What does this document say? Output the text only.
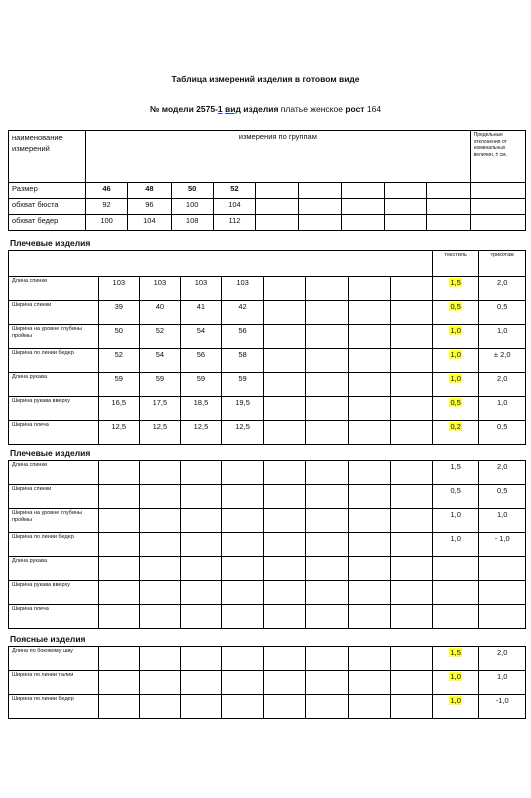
Таблица измерений изделия в готовом виде
№ модели 2575-1 вид изделия платье женское рост 164
наименование измерений	измерения по группам									Предельные отклонения от номинальных величин, ± см.
Размер	46	48	50	52						
обхват бюста	92	96	100	104						
обхват бедер	100	104	108	112						
Плечевые изделия
									текстиль	трикотаж
Длина спинки	103	103	103	103					1,5	2,0
Ширина спинки	39	40	41	42					0,5	0,5
Ширина на уровне глубины проймы	50	52	54	56					1,0	1,0
Ширина по линии бедер	52	54	56	58					1,0	± 2,0
Длина рукава	59	59	59	59					1,0	2,0
Ширина рукава вверху	16,5	17,5	18,5	19,5					0,5	1,0
Ширина плеча	12,5	12,5	12,5	12,5					0,2	0,5
Плечевые изделия
Длина спинки									1,5	2,0
Ширина спинки									0,5	0,5
Ширина на уровне глубины проймы									1,0	1,0
Ширина по линии бедер									1,0	- 1,0
Длина рукава										
Ширина рукава вверху										
Ширина плеча										
Поясные изделия
Длина по боковому шву									1,5	2,0
Ширина по линии талии									1,0	1,0
Ширина по линии бедер									1,0	-1,0
